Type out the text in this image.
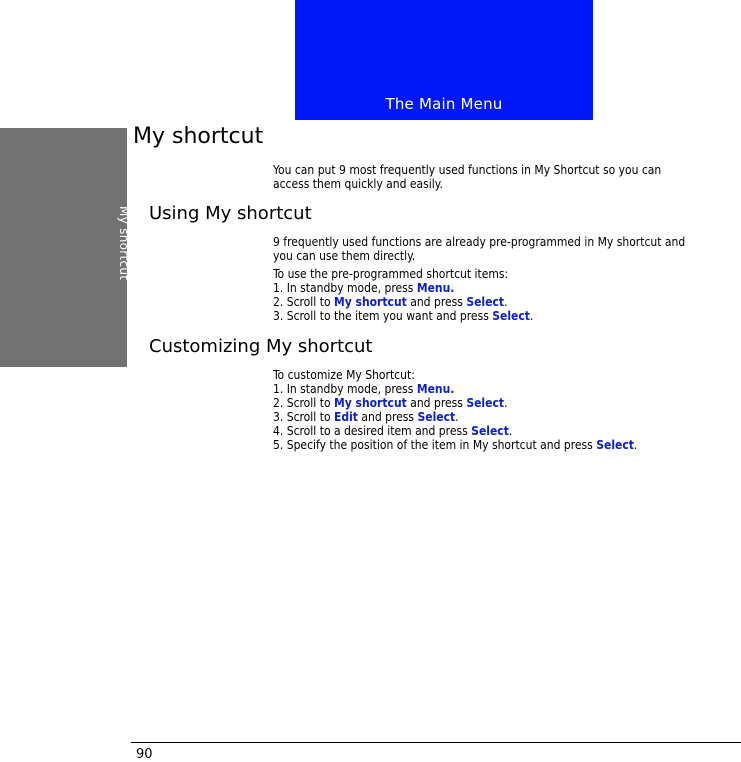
The Main Menu
My shortcut
My shortcut
You can put 9 most frequently used functions in My Shortcut so you can
access them quickly and easily.
Using My shortcut
9 frequently used functions are already pre-programmed in My shortcut and
you can use them directly.
To use the pre-programmed shortcut items:
1. In standby mode, press Menu.
2. Scroll to My shortcut and press Select.
3. Scroll to the item you want and press Select.
Customizing My shortcut
To customize My Shortcut:
1. In standby mode, press Menu.
2. Scroll to My shortcut and press Select.
3. Scroll to Edit and press Select.
4. Scroll to a desired item and press Select.
5. Specify the position of the item in My shortcut and press Select.
90
